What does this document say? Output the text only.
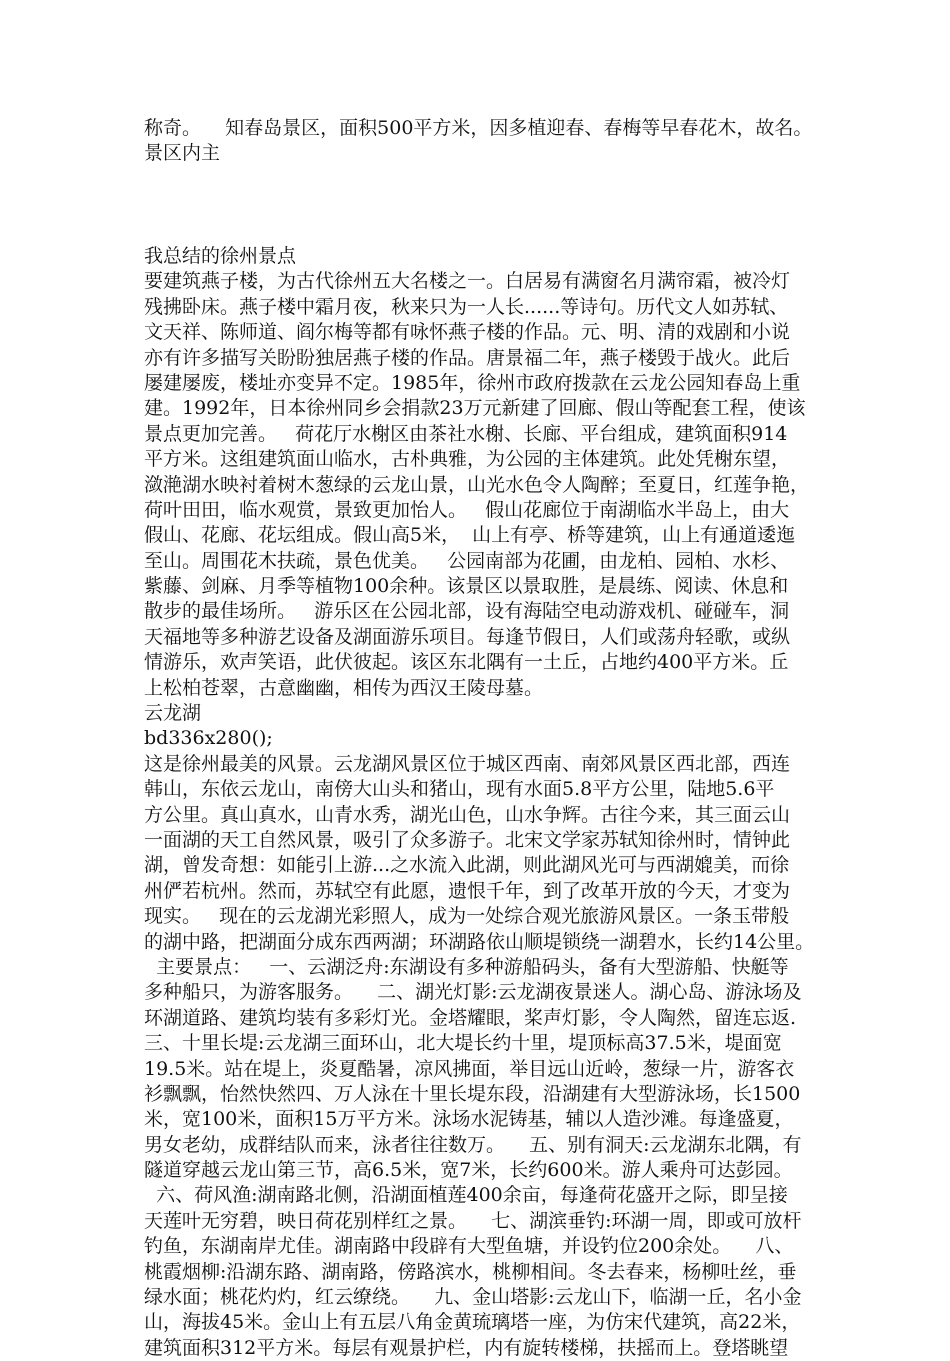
称奇。    知春岛景区，面积500平方米，因多植迎春、春梅等早春花木，故名。
景区内主
我总结的徐州景点
要建筑燕子楼，为古代徐州五大名楼之一。白居易有满窗名月满帘霜，被冷灯
残拂卧床。燕子楼中霜月夜，秋来只为一人长......等诗句。历代文人如苏轼、
文天祥、陈师道、阎尔梅等都有咏怀燕子楼的作品。元、明、清的戏剧和小说
亦有许多描写关盼盼独居燕子楼的作品。唐景福二年，燕子楼毁于战火。此后
屡建屡废，楼址亦变异不定。1985年，徐州市政府拨款在云龙公园知春岛上重
建。1992年，日本徐州同乡会捐款23万元新建了回廊、假山等配套工程，使该
景点更加完善。   荷花厅水榭区由茶社水榭、长廊、平台组成，建筑面积914
平方米。这组建筑面山临水，古朴典雅，为公园的主体建筑。此处凭榭东望，
潋滟湖水映衬着树木葱绿的云龙山景，山光水色令人陶醉；至夏日，红莲争艳，
荷叶田田，临水观赏，景致更加怡人。   假山花廊位于南湖临水半岛上，由大
假山、花廊、花坛组成。假山高5米，  山上有亭、桥等建筑，山上有通道逶迤
至山。周围花木扶疏，景色优美。   公园南部为花圃，由龙柏、园柏、水杉、
紫藤、剑麻、月季等植物100余种。该景区以景取胜，是晨练、阅读、休息和
散步的最佳场所。   游乐区在公园北部，设有海陆空电动游戏机、碰碰车，洞
天福地等多种游艺设备及湖面游乐项目。每逢节假日，人们或荡舟轻歌，或纵
情游乐，欢声笑语，此伏彼起。该区东北隅有一土丘，占地约400平方米。丘
上松柏苍翠，古意幽幽，相传为西汉王陵母墓。
云龙湖
bd336x280();
这是徐州最美的风景。云龙湖风景区位于城区西南、南郊风景区西北部，西连
韩山，东依云龙山，南傍大山头和猪山，现有水面5.8平方公里，陆地5.6平
方公里。真山真水，山青水秀，湖光山色，山水争辉。古往今来，其三面云山
一面湖的天工自然风景，吸引了众多游子。北宋文学家苏轼知徐州时，情钟此
湖，曾发奇想：如能引上游...之水流入此湖，则此湖风光可与西湖媲美，而徐
州俨若杭州。然而，苏轼空有此愿，遗恨千年，到了改革开放的今天，才变为
现实。   现在的云龙湖光彩照人，成为一处综合观光旅游风景区。一条玉带般
的湖中路，把湖面分成东西两湖；环湖路依山顺堤锁绕一湖碧水，长约14公里。
主要景点：   一、云湖泛舟:东湖设有多种游船码头，备有大型游船、快艇等
多种船只，为游客服务。    二、湖光灯影:云龙湖夜景迷人。湖心岛、游泳场及
环湖道路、建筑均装有多彩灯光。金塔耀眼，桨声灯影，令人陶然，留连忘返.
三、十里长堤:云龙湖三面环山，北大堤长约十里，堤顶标高37.5米，堤面宽
19.5米。站在堤上，炎夏酷暑，凉风拂面，举目远山近岭，葱绿一片，游客衣
衫飘飘，怡然快然四、万人泳在十里长堤东段，沿湖建有大型游泳场，长1500
米，宽100米，面积15万平方米。泳场水泥铸基，辅以人造沙滩。每逢盛夏，
男女老幼，成群结队而来，泳者往往数万。    五、别有洞天:云龙湖东北隅，有
隧道穿越云龙山第三节，高6.5米，宽7米，长约600米。游人乘舟可达彭园。
六、荷风渔:湖南路北侧，沿湖面植莲400余亩，每逢荷花盛开之际，即呈接
天莲叶无穷碧，映日荷花别样红之景。    七、湖滨垂钓:环湖一周，即或可放杆
钓鱼，东湖南岸尤佳。湖南路中段辟有大型鱼塘，并设钓位200余处。    八、
桃霞烟柳:沿湖东路、湖南路，傍路滨水，桃柳相间。冬去春来，杨柳吐丝，垂
绿水面；桃花灼灼，红云缭绕。    九、金山塔影:云龙山下，临湖一丘，名小金
山，海拔45米。金山上有五层八角金黄琉璃塔一座，为仿宋代建筑，高22米，
建筑面积312平方米。每层有观景护栏，内有旋转楼梯，扶摇而上。登塔眺望
